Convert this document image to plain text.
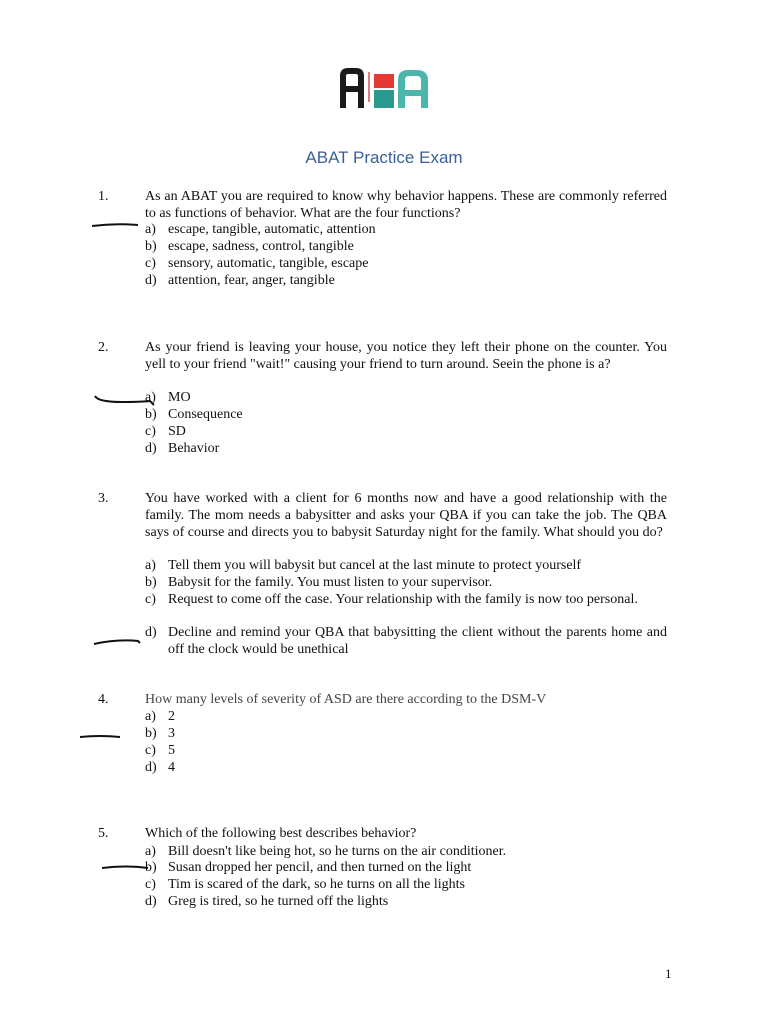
ABAT Practice Exam
1.	As an ABAT you are required to know why behavior happens. These are commonly referred to as functions of behavior. What are the four functions?
a) escape, tangible, automatic, attention
b) escape, sadness, control, tangible
c) sensory, automatic, tangible, escape
d) attention, fear, anger, tangible
2.	As your friend is leaving your house, you notice they left their phone on the counter. You yell to your friend "wait!" causing your friend to turn around. Seein the phone is a?
a) MO
b) Consequence
c) SD
d) Behavior
3.	You have worked with a client for 6 months now and have a good relationship with the family. The mom needs a babysitter and asks your QBA if you can take the job. The QBA says of course and directs you to babysit Saturday night for the family. What should you do?
a) Tell them you will babysit but cancel at the last minute to protect yourself
b) Babysit for the family. You must listen to your supervisor.
c) Request to come off the case. Your relationship with the family is now too personal.
d) Decline and remind your QBA that babysitting the client without the parents home and off the clock would be unethical
4.	How many levels of severity of ASD are there according to the DSM-V
a) 2
b) 3
c) 5
d) 4
5.	Which of the following best describes behavior?
a) Bill doesn't like being hot, so he turns on the air conditioner.
b) Susan dropped her pencil, and then turned on the light
c) Tim is scared of the dark, so he turns on all the lights
d) Greg is tired, so he turned off the lights
1
